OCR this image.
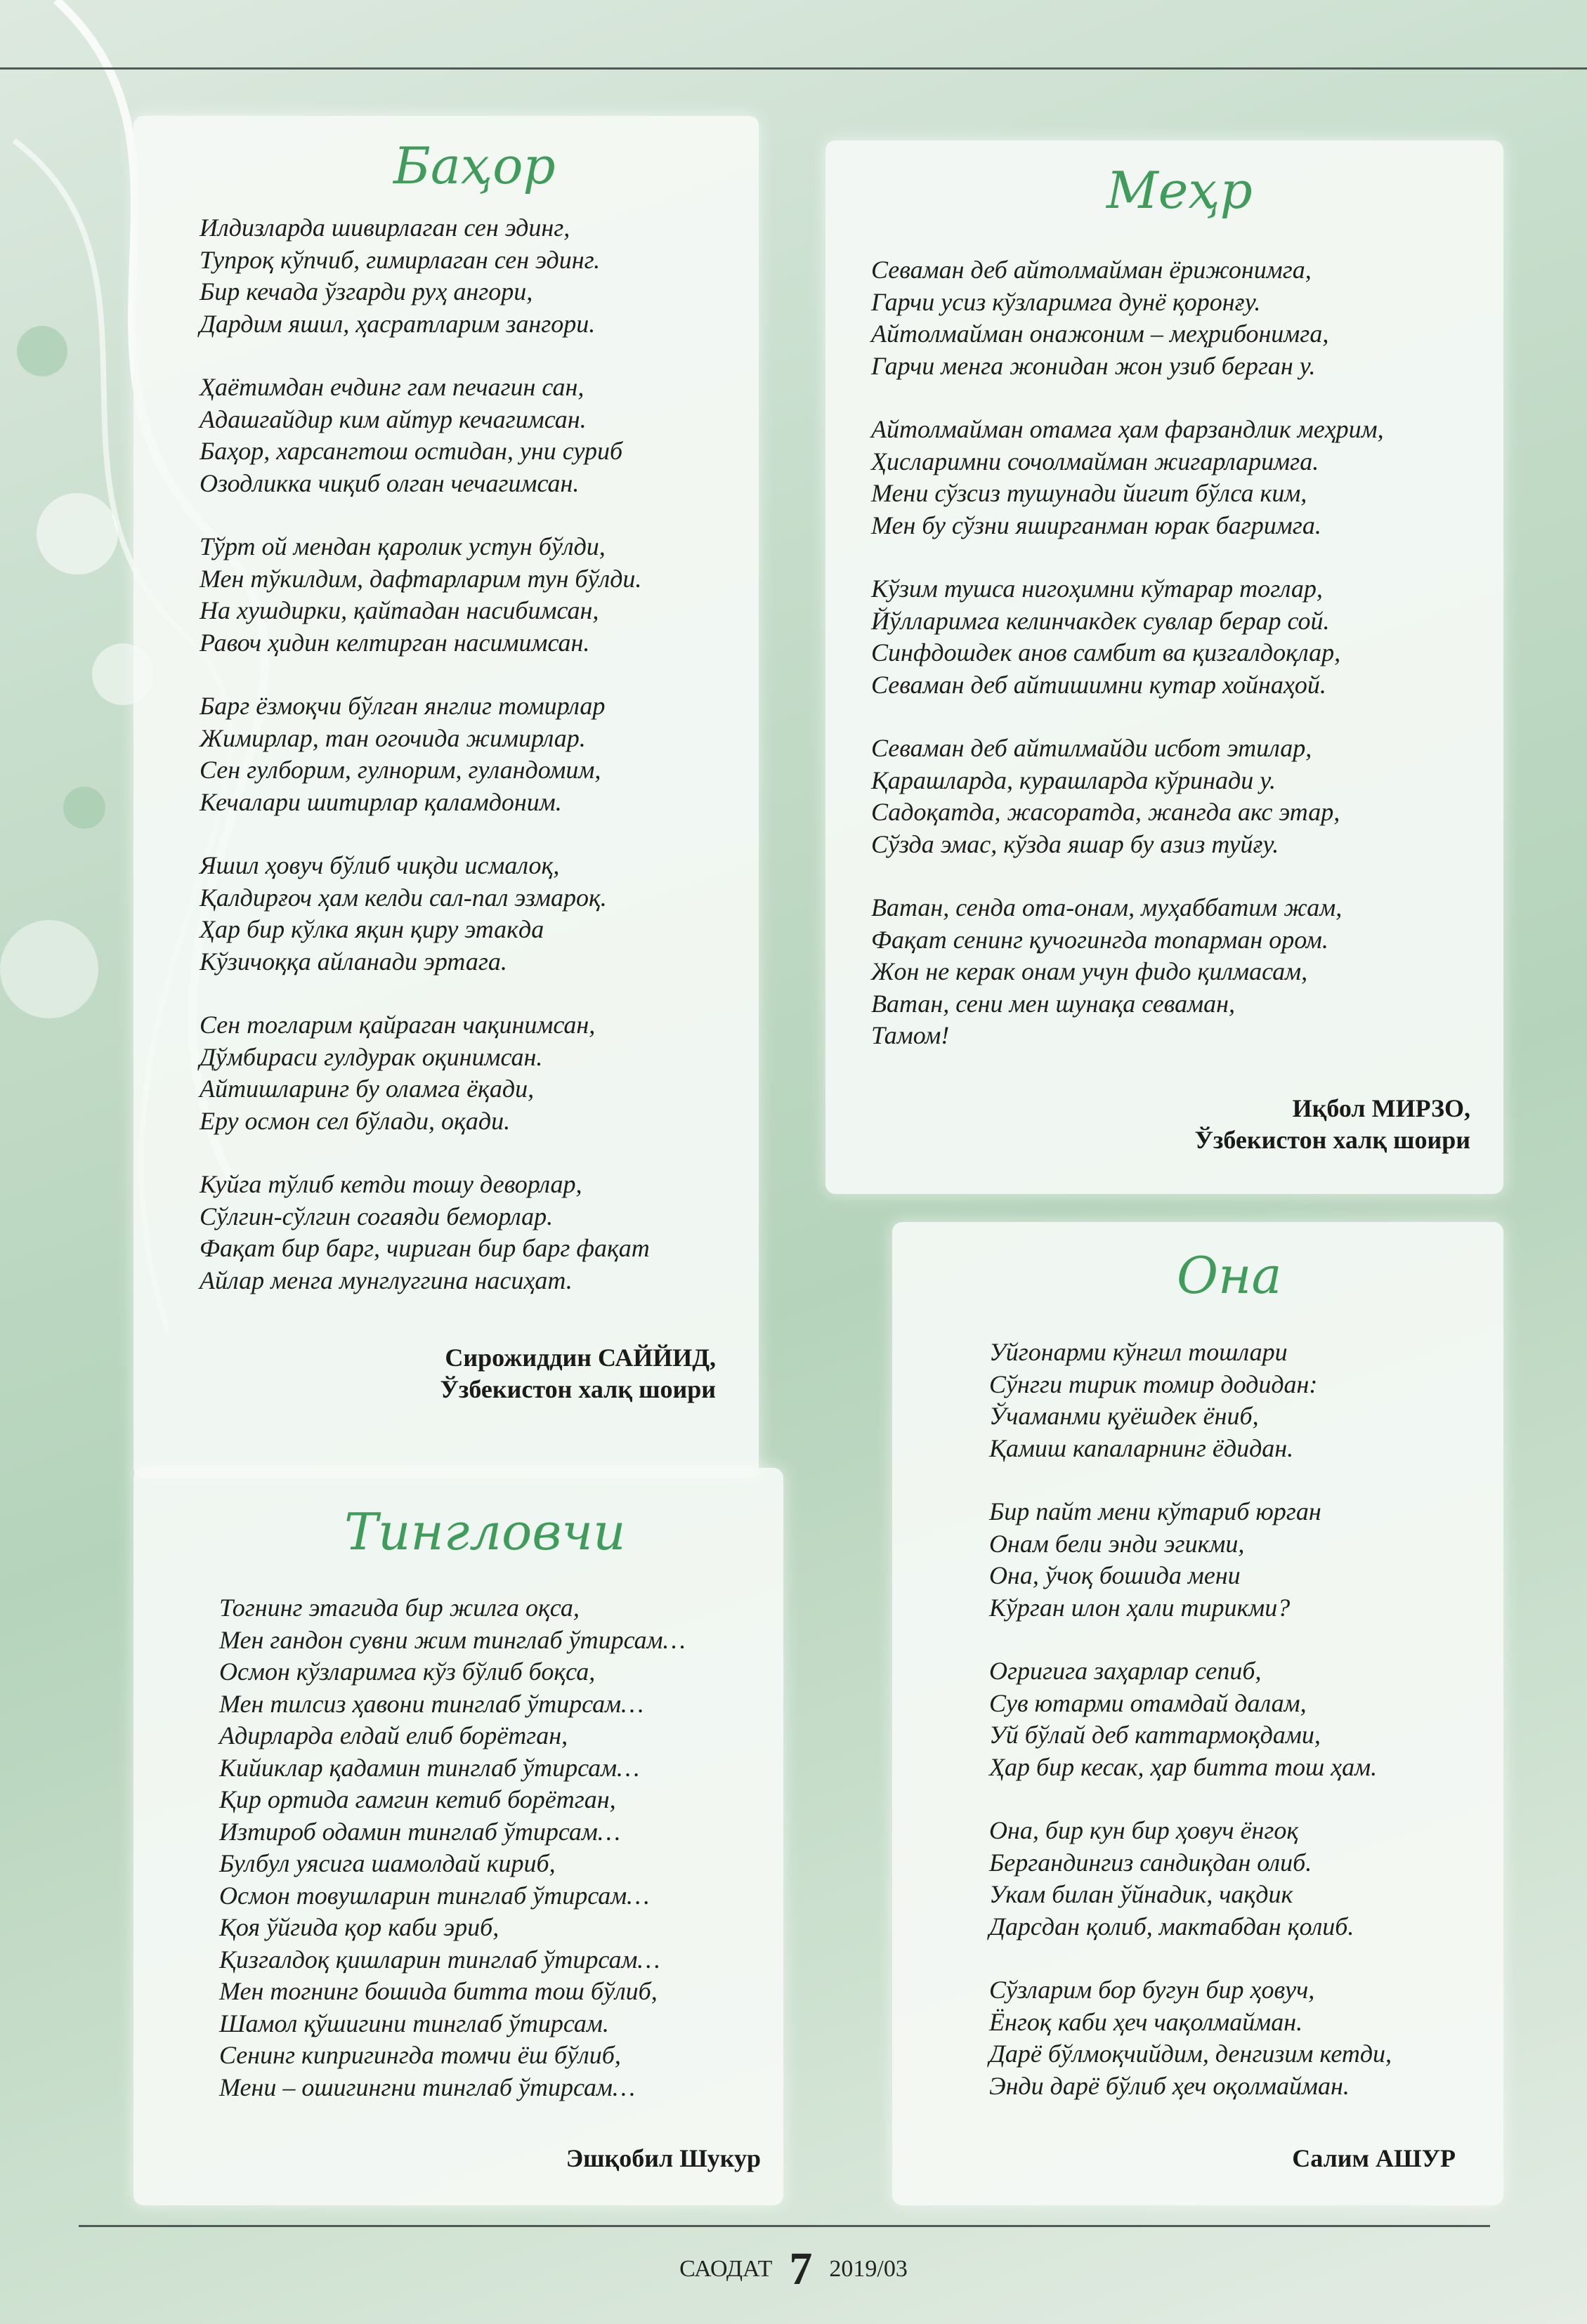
Баҳор
Илдизларда шивирлаган сен эдинг,
Тупроқ кўпчиб, гимирлаган сен эдинг.
Бир кечада ўзгарди руҳ ангори,
Дардим яшил, ҳасратларим зангори.
Ҳаётимдан ечдинг гам печагин сан,
Адашгайдир ким айтур кечагимсан.
Баҳор, харсангтош остидан, уни суриб
Озодликка чиқиб олган чечагимсан.
Тўрт ой мендан қаролик устун бўлди,
Мен тўкилдим, дафтарларим тун бўлди.
На хушдирки, қайтадан насибимсан,
Равоч ҳидин келтирган насимимсан.
Барг ёзмоқчи бўлган янглиг томирлар
Жимирлар, тан огочида жимирлар.
Сен гулборим, гулнорим, гуландомим,
Кечалари шитирлар қаламдоним.
Яшил ҳовуч бўлиб чиқди исмалоқ,
Қалдирғоч ҳам келди сал-пал эзмароқ.
Ҳар бир кўлка яқин қиру этакда
Кўзичоққа айланади эртага.
Сен тогларим қайраган чақинимсан,
Дўмбираси гулдурак оқинимсан.
Айтишларинг бу оламга ёқади,
Еру осмон сел бўлади, оқади.
Куйга тўлиб кетди тошу деворлар,
Сўлгин-сўлгин согаяди беморлар.
Фақат бир барг, чириган бир барг фақат
Айлар менга мунглуггина насиҳат.
Сирожиддин САЙЙИД,
Ўзбекистон халқ шоири
Меҳр
Севаман деб айтолмайман ёрижонимга,
Гарчи усиз кўзларимга дунё қоронғу.
Айтолмайман онажоним – меҳрибонимга,
Гарчи менга жонидан жон узиб берган у.
Айтолмайман отамга ҳам фарзандлик меҳрим,
Ҳисларимни сочолмайман жигарларимга.
Мени сўзсиз тушунади йигит бўлса ким,
Мен бу сўзни яширганман юрак багримга.
Кўзим тушса нигоҳимни кўтарар тоглар,
Йўлларимга келинчакдек сувлар берар сой.
Синфдошдек анов самбит ва қизгалдоқлар,
Севаман деб айтишимни кутар хойнаҳой.
Севаман деб айтилмайди исбот этилар,
Қарашларда, курашларда кўринади у.
Садоқатда, жасоратда, жангда акс этар,
Сўзда эмас, кўзда яшар бу азиз туйғу.
Ватан, сенда ота-онам, муҳаббатим жам,
Фақат сенинг қучогингда топарман ором.
Жон не керак онам учун фидо қилмасам,
Ватан, сени мен шунақа севаман,
Тамом!
Иқбол МИРЗО,
Ўзбекистон халқ шоири
Она
Уйгонарми кўнгил тошлари
Сўнгги тирик томир додидан:
Ўчаманми қуёшдек ёниб,
Қамиш капаларнинг ёдидан.
Бир пайт мени кўтариб юрган
Онам бели энди эгикми,
Она, ўчоқ бошида мени
Кўрган илон ҳали тирикми?
Огригига заҳарлар сепиб,
Сув ютарми отамдай далам,
Уй бўлай деб каттармоқдами,
Ҳар бир кесак, ҳар битта тош ҳам.
Она, бир кун бир ҳовуч ёнгоқ
Бергандингиз сандиқдан олиб.
Укам билан ўйнадик, чақдик
Дарсдан қолиб, мактабдан қолиб.
Сўзларим бор бугун бир ҳовуч,
Ёнгоқ каби ҳеч чақолмайман.
Дарё бўлмоқчийдим, денгизим кетди,
Энди дарё бўлиб ҳеч оқолмайман.
Салим АШУР
Тингловчи
Тогнинг этагида бир жилга оқса,
Мен гандон сувни жим тинглаб ўтирсам…
Осмон кўзларимга кўз бўлиб боқса,
Мен тилсиз ҳавони тинглаб ўтирсам…
Адирларда елдай елиб борётган,
Кийиклар қадамин тинглаб ўтирсам…
Қир ортида гамгин кетиб борётган,
Изтироб одамин тинглаб ўтирсам…
Булбул уясига шамолдай кириб,
Осмон товушларин тинглаб ўтирсам…
Қоя ўйгида қор каби эриб,
Қизгалдоқ қишларин тинглаб ўтирсам…
Мен тогнинг бошида битта тош бўлиб,
Шамол қўшигини тинглаб ўтирсам.
Сенинг кипригингда томчи ёш бўлиб,
Мени – ошигингни тинглаб ўтирсам…
Эшқобил Шукур
САОДАТ 7 2019/03
